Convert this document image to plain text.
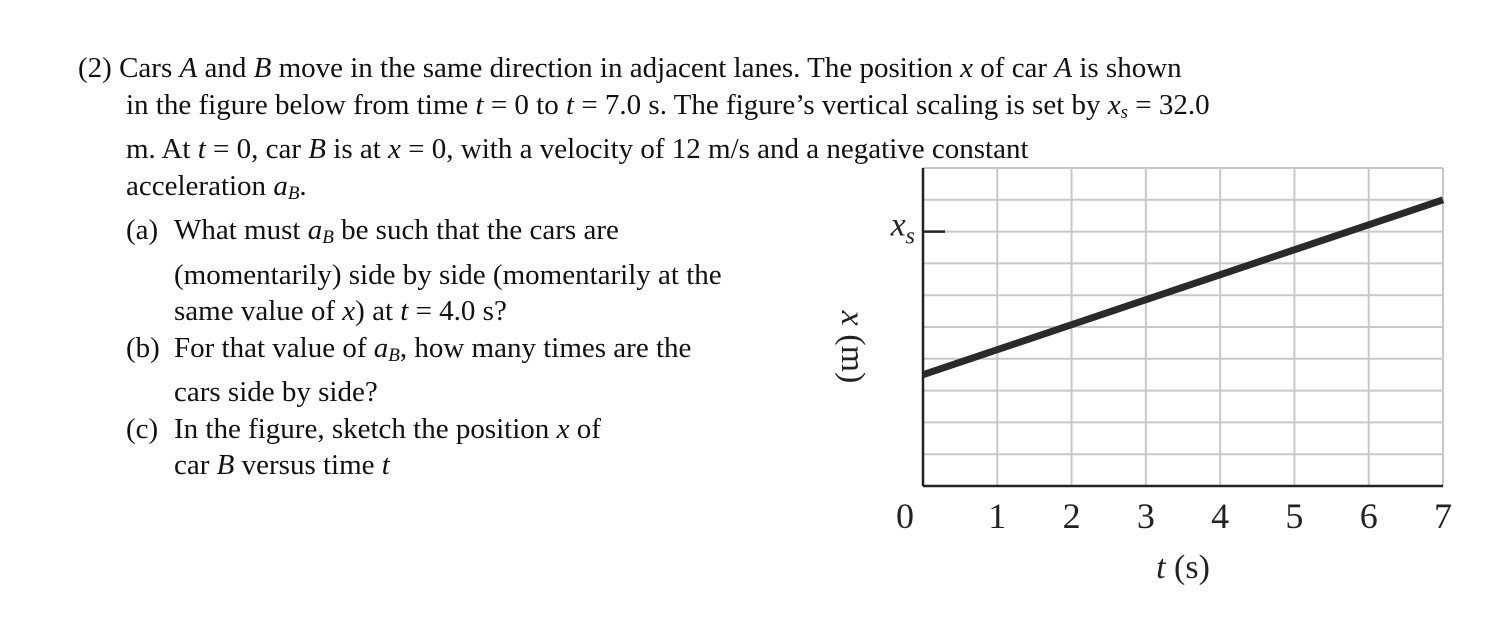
(2) Cars A and B move in the same direction in adjacent lanes. The position x of car A is shown
in the figure below from time t = 0 to t = 7.0 s. The figure’s vertical scaling is set by $x_s = 32.0$
m. At t = 0, car B is at x = 0, with a velocity of 12 m/s and a negative constant
acceleration $a_B$.
(a) What must $a_B$ be such that the cars are
(momentarily) side by side (momentarily at the
same value of x) at t = 4.0 s?
(b) For that value of $a_B$, how many times are the
cars side by side?
(c) In the figure, sketch the position x of
car B versus time t
$x_s$
t (s)
x (m)
0 1 2 3 4 5 6 7
